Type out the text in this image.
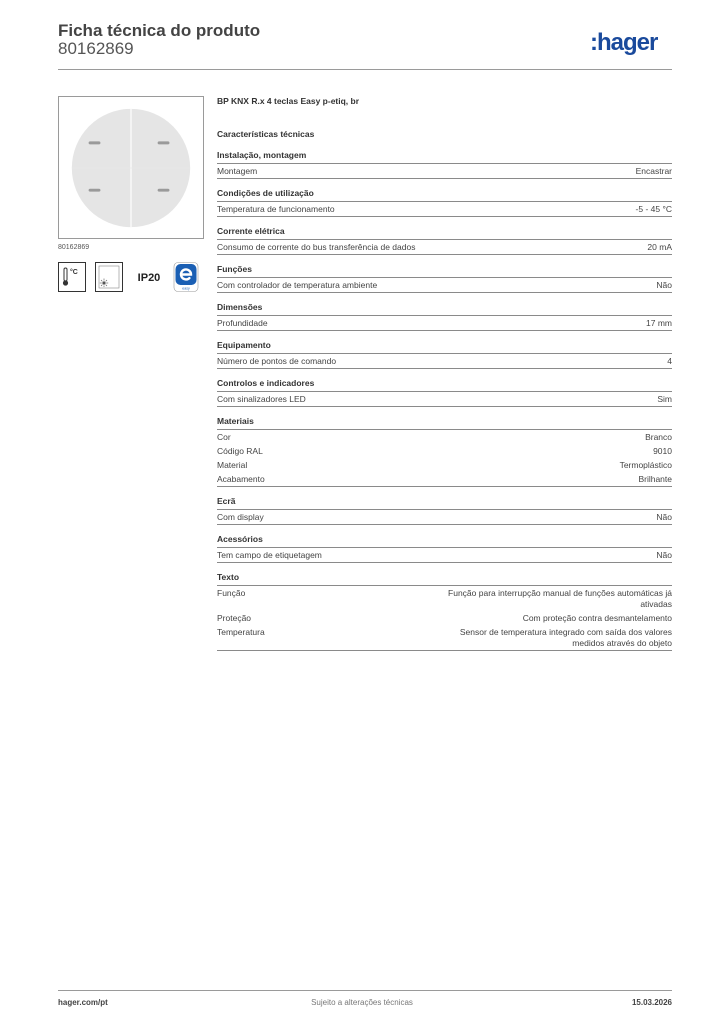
Ficha técnica do produto
80162869	:hager
80162869
°C	IP20
easy
BP KNX R.x 4 teclas Easy p-etiq, br
Características técnicas
Instalação, montagem
Montagem	Encastrar
Condições de utilização
Temperatura de funcionamento	-5 - 45 °C
Corrente elétrica
Consumo de corrente do bus transferência de dados	20 mA
Funções
Com controlador de temperatura ambiente	Não
Dimensões
Profundidade	17 mm
Equipamento
Número de pontos de comando	4
Controlos e indicadores
Com sinalizadores LED	Sim
Materiais
Cor	Branco
Código RAL	9010
Material	Termoplástico
Acabamento	Brilhante
Ecrã
Com display	Não
Acessórios
Tem campo de etiquetagem	Não
Texto
Função	Função para interrupção manual de funções automáticas já ativadas
Proteção	Com proteção contra desmantelamento
Temperatura	Sensor de temperatura integrado com saída dos valores medidos através do objeto
hager.com/pt	Sujeito a alterações técnicas	15.03.2026
